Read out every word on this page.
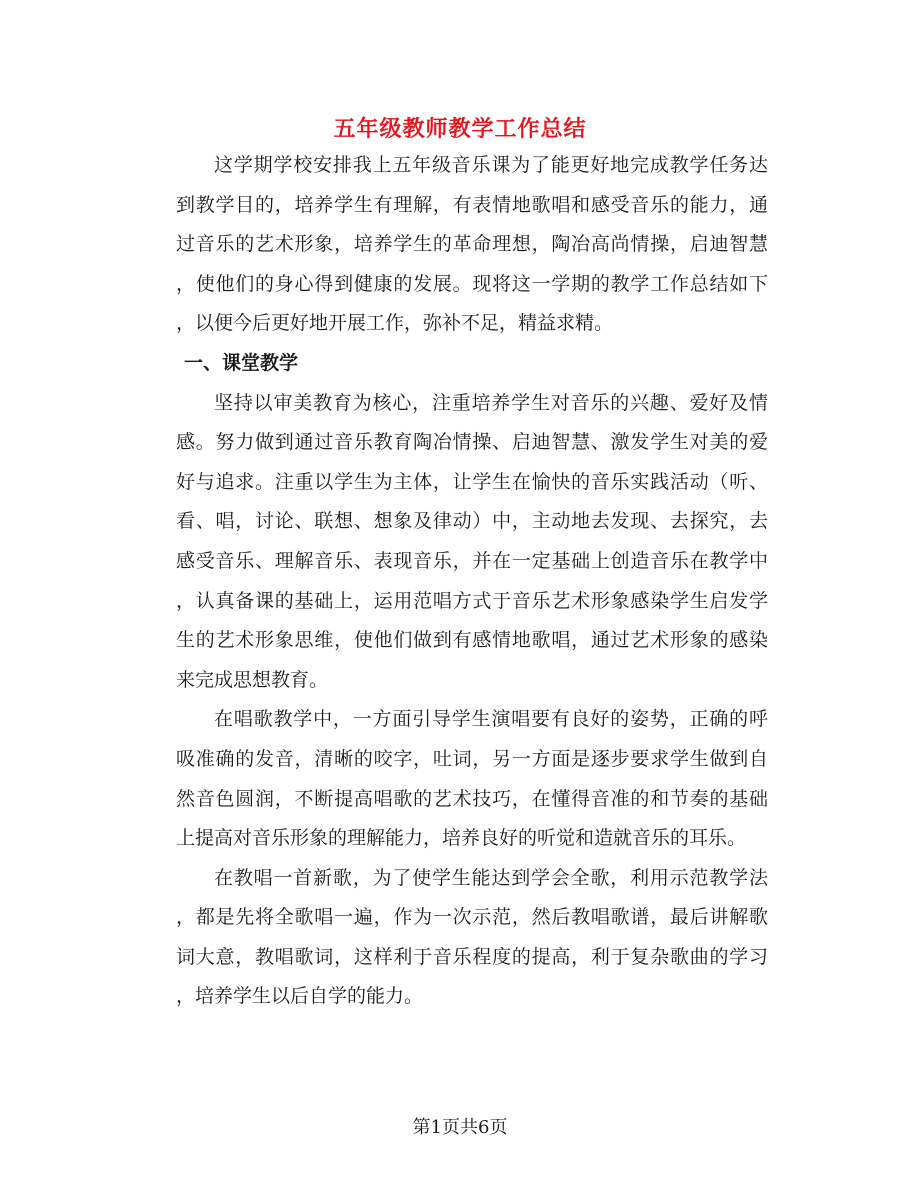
五年级教师教学工作总结
这学期学校安排我上五年级音乐课为了能更好地完成教学任务达
到教学目的，培养学生有理解，有表情地歌唱和感受音乐的能力，通
过音乐的艺术形象，培养学生的革命理想，陶冶高尚情操，启迪智慧
，使他们的身心得到健康的发展。现将这一学期的教学工作总结如下
，以便今后更好地开展工作，弥补不足，精益求精。
一、课堂教学
坚持以审美教育为核心，注重培养学生对音乐的兴趣、爱好及情
感。努力做到通过音乐教育陶冶情操、启迪智慧、激发学生对美的爱
好与追求。注重以学生为主体，让学生在愉快的音乐实践活动（听、
看、唱，讨论、联想、想象及律动）中，主动地去发现、去探究，去
感受音乐、理解音乐、表现音乐，并在一定基础上创造音乐在教学中
，认真备课的基础上，运用范唱方式于音乐艺术形象感染学生启发学
生的艺术形象思维，使他们做到有感情地歌唱，通过艺术形象的感染
来完成思想教育。
在唱歌教学中，一方面引导学生演唱要有良好的姿势，正确的呼
吸准确的发音，清晰的咬字，吐词，另一方面是逐步要求学生做到自
然音色圆润，不断提高唱歌的艺术技巧，在懂得音准的和节奏的基础
上提高对音乐形象的理解能力，培养良好的听觉和造就音乐的耳乐。
在教唱一首新歌，为了使学生能达到学会全歌，利用示范教学法
，都是先将全歌唱一遍，作为一次示范，然后教唱歌谱，最后讲解歌
词大意，教唱歌词，这样利于音乐程度的提高，利于复杂歌曲的学习
，培养学生以后自学的能力。
第1页共6页
